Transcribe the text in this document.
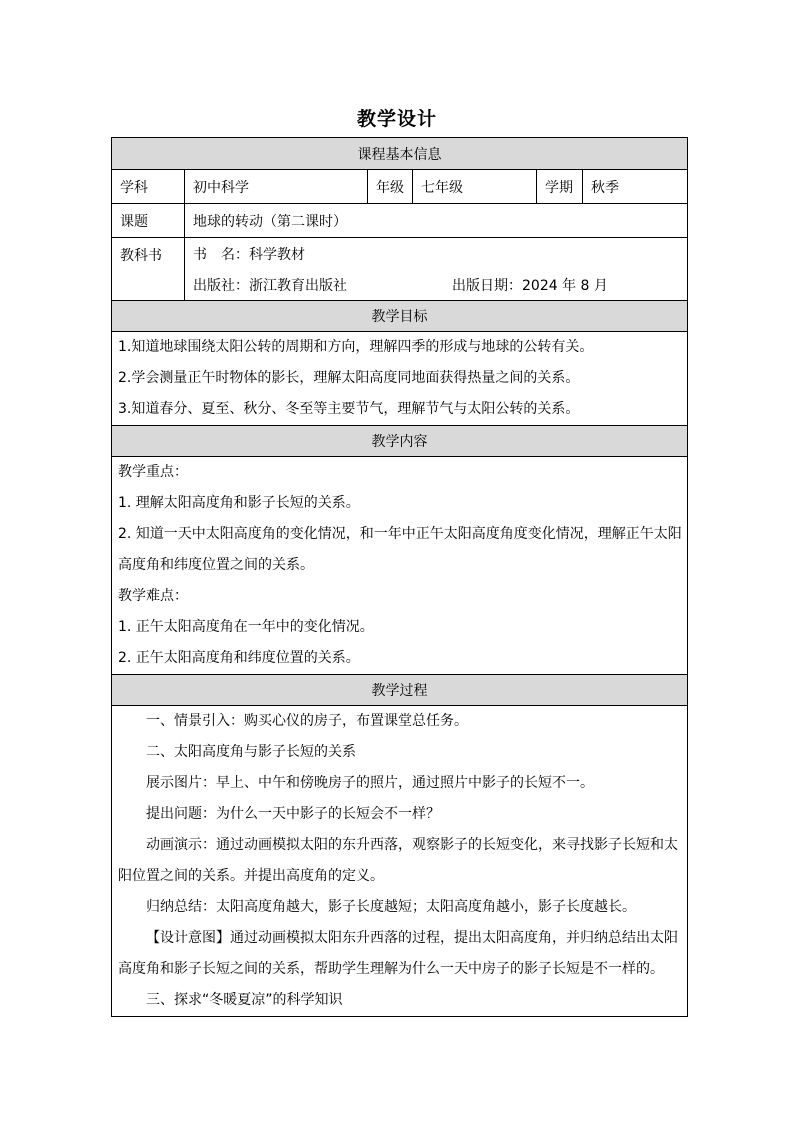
教学设计
课程基本信息
学科	初中科学	年级	七年级	学期	秋季
课题	地球的转动（第二课时）
教科书	书　名：科学教材
出版社：浙江教育出版社	出版日期：2024 年 8 月
教学目标
1.知道地球围绕太阳公转的周期和方向，理解四季的形成与地球的公转有关。
2.学会测量正午时物体的影长，理解太阳高度同地面获得热量之间的关系。
3.知道春分、夏至、秋分、冬至等主要节气，理解节气与太阳公转的关系。
教学内容
教学重点：
1. 理解太阳高度角和影子长短的关系。
2. 知道一天中太阳高度角的变化情况，和一年中正午太阳高度角度变化情况，理解正午太阳高度角和纬度位置之间的关系。
教学难点：
1. 正午太阳高度角在一年中的变化情况。
2. 正午太阳高度角和纬度位置的关系。
教学过程
一、情景引入：购买心仪的房子，布置课堂总任务。
二、太阳高度角与影子长短的关系
展示图片：早上、中午和傍晚房子的照片，通过照片中影子的长短不一。
提出问题：为什么一天中影子的长短会不一样？
动画演示：通过动画模拟太阳的东升西落，观察影子的长短变化，来寻找影子长短和太阳位置之间的关系。并提出高度角的定义。
归纳总结：太阳高度角越大，影子长度越短；太阳高度角越小，影子长度越长。
【设计意图】通过动画模拟太阳东升西落的过程，提出太阳高度角，并归纳总结出太阳高度角和影子长短之间的关系，帮助学生理解为什么一天中房子的影子长短是不一样的。
三、探求“冬暖夏凉”的科学知识
